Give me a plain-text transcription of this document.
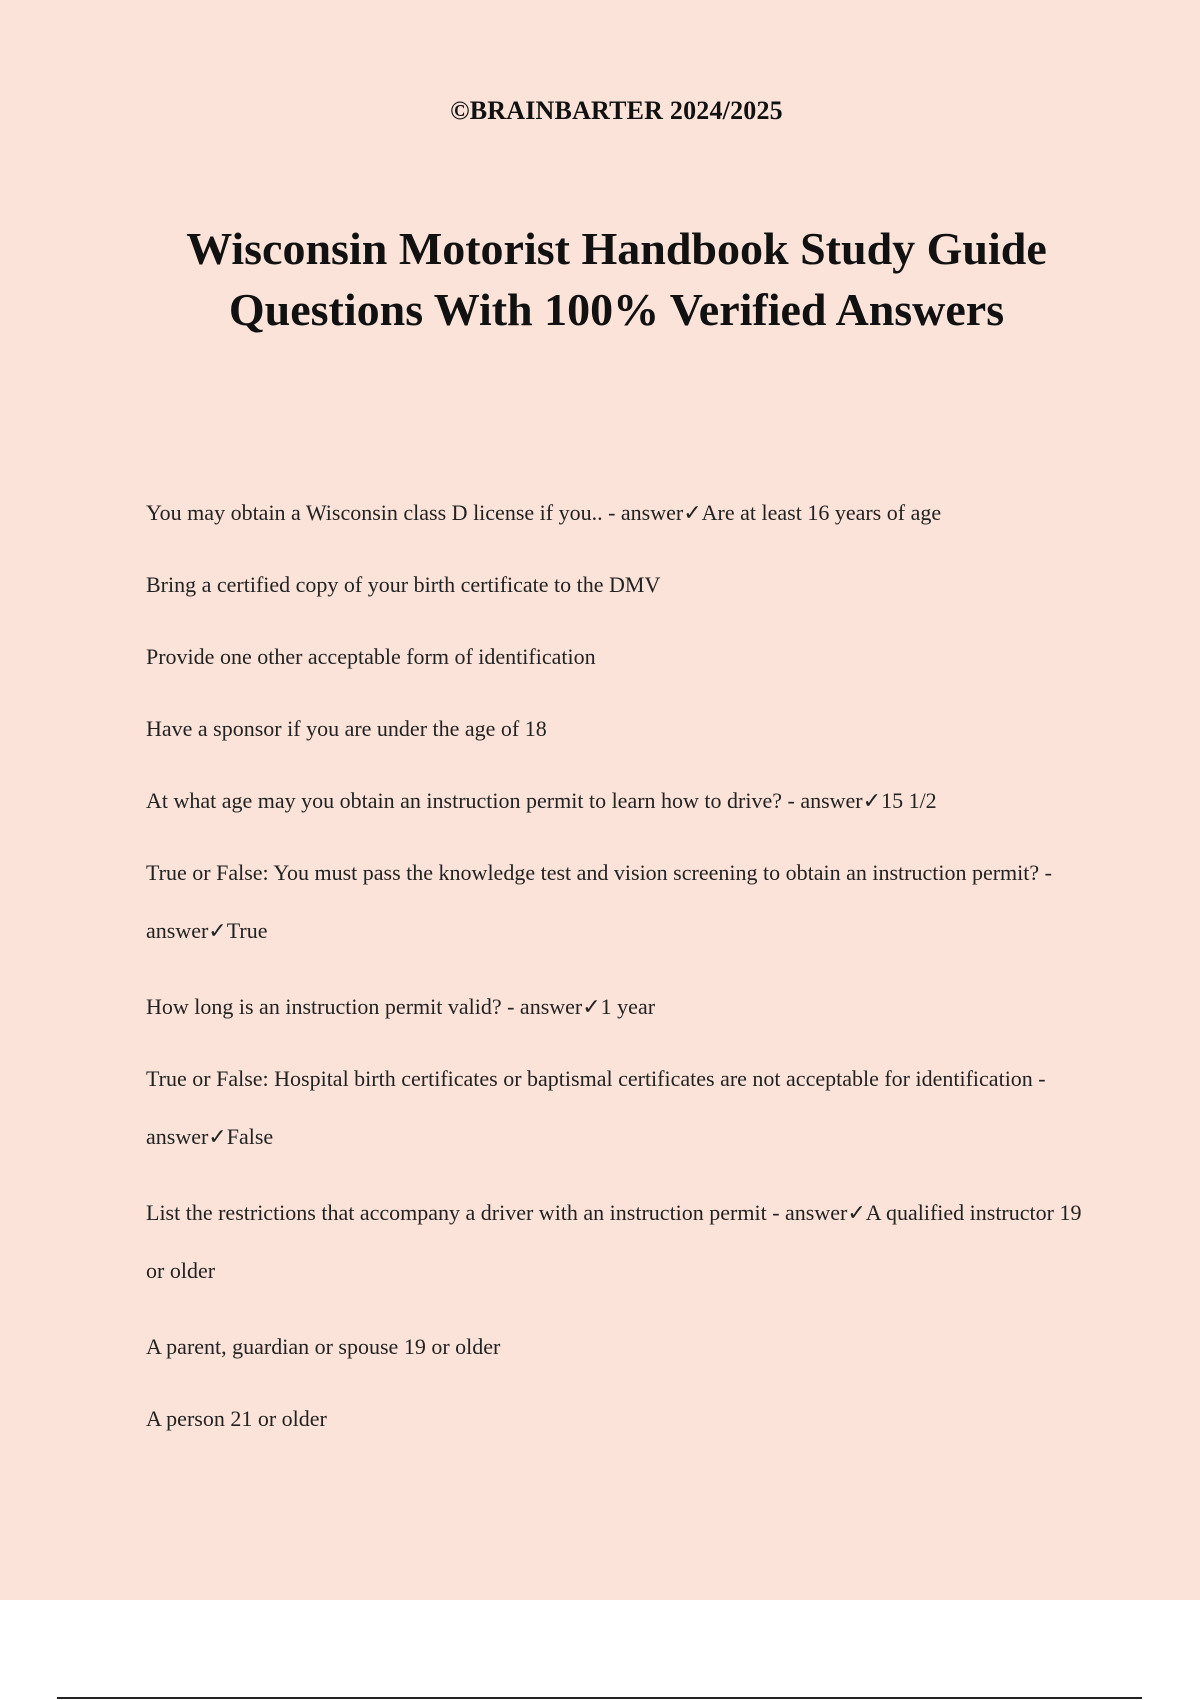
©BRAINBARTER 2024/2025
Wisconsin Motorist Handbook Study Guide
Questions With 100% Verified Answers
You may obtain a Wisconsin class D license if you.. - answer✓Are at least 16 years of age
Bring a certified copy of your birth certificate to the DMV
Provide one other acceptable form of identification
Have a sponsor if you are under the age of 18
At what age may you obtain an instruction permit to learn how to drive? - answer✓15 1/2
True or False: You must pass the knowledge test and vision screening to obtain an instruction permit? - answer✓True
How long is an instruction permit valid? - answer✓1 year
True or False: Hospital birth certificates or baptismal certificates are not acceptable for identification - answer✓False
List the restrictions that accompany a driver with an instruction permit - answer✓A qualified instructor 19 or older
A parent, guardian or spouse 19 or older
A person 21 or older
